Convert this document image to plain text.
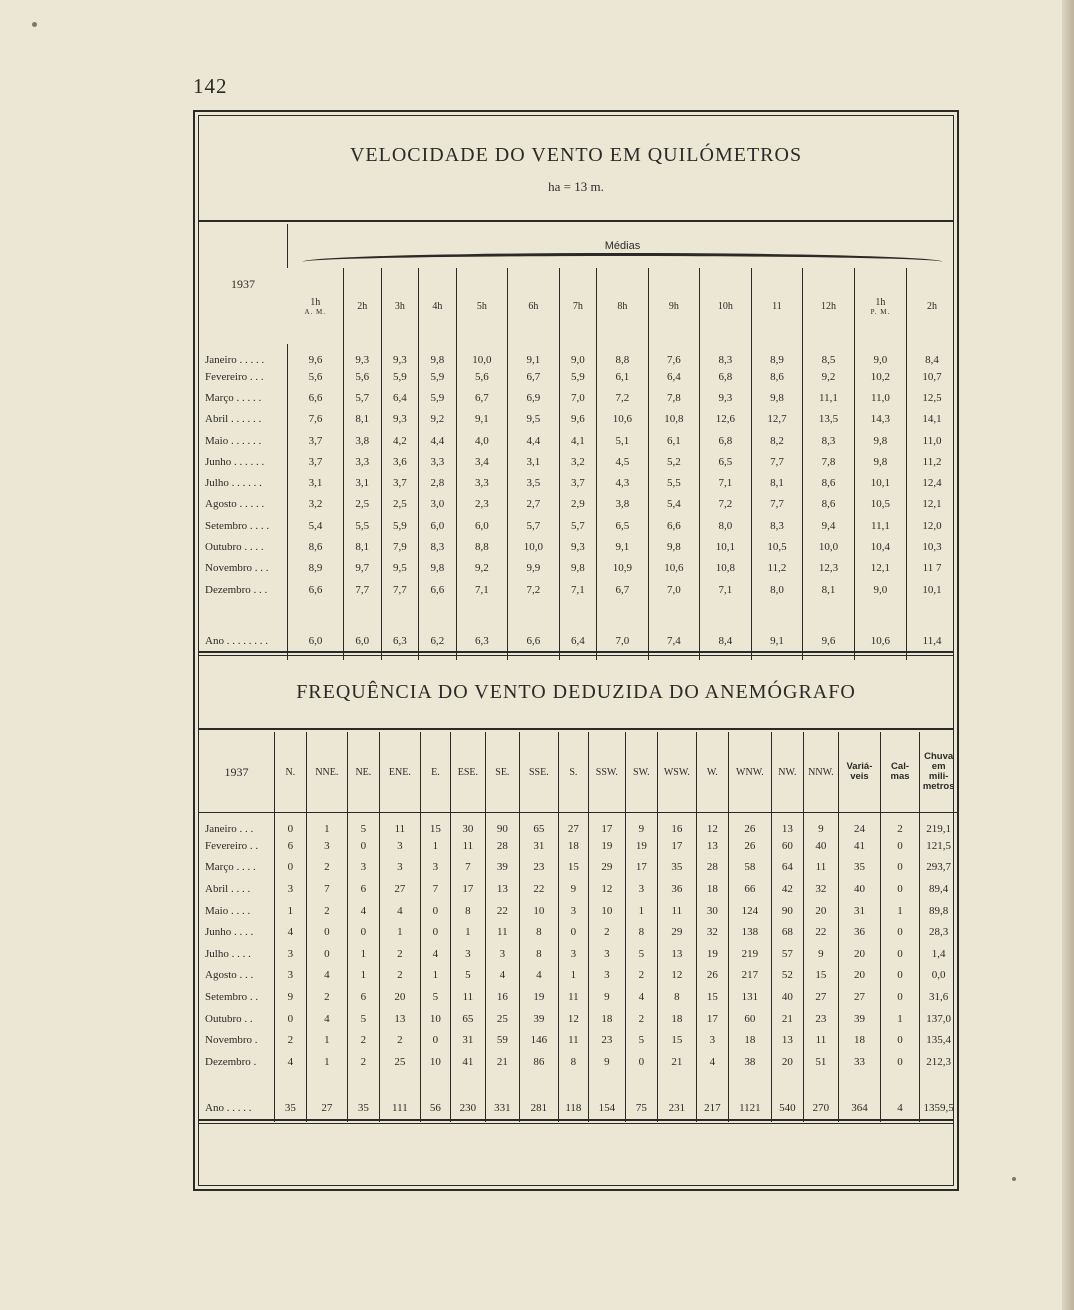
142
VELOCIDADE DO VENTO EM QUILÓMETROS
ha = 13 m.
1937	Médias													

	1h
A. M.	2h	3h	4h	5h	6h	7h	8h	9h	10h	11	12h	1h
P. M.	2h
Janeiro . . . . .	9,6	9,3	9,3	9,8	10,0	9,1	9,0	8,8	7,6	8,3	8,9	8,5	9,0	8,4
Fevereiro . . .	5,6	5,6	5,9	5,9	5,6	6,7	5,9	6,1	6,4	6,8	8,6	9,2	10,2	10,7
Março . . . . .	6,6	5,7	6,4	5,9	6,7	6,9	7,0	7,2	7,8	9,3	9,8	11,1	11,0	12,5
Abril . . . . . .	7,6	8,1	9,3	9,2	9,1	9,5	9,6	10,6	10,8	12,6	12,7	13,5	14,3	14,1
Maio . . . . . .	3,7	3,8	4,2	4,4	4,0	4,4	4,1	5,1	6,1	6,8	8,2	8,3	9,8	11,0
Junho . . . . . .	3,7	3,3	3,6	3,3	3,4	3,1	3,2	4,5	5,2	6,5	7,7	7,8	9,8	11,2
Julho . . . . . .	3,1	3,1	3,7	2,8	3,3	3,5	3,7	4,3	5,5	7,1	8,1	8,6	10,1	12,4
Agosto . . . . .	3,2	2,5	2,5	3,0	2,3	2,7	2,9	3,8	5,4	7,2	7,7	8,6	10,5	12,1
Setembro . . . .	5,4	5,5	5,9	6,0	6,0	5,7	5,7	6,5	6,6	8,0	8,3	9,4	11,1	12,0
Outubro . . . .	8,6	8,1	7,9	8,3	8,8	10,0	9,3	9,1	9,8	10,1	10,5	10,0	10,4	10,3
Novembro . . .	8,9	9,7	9,5	9,8	9,2	9,9	9,8	10,9	10,6	10,8	11,2	12,3	12,1	11 7
Dezembro . . .	6,6	7,7	7,7	6,6	7,1	7,2	7,1	6,7	7,0	7,1	8,0	8,1	9,0	10,1

Ano . . . . . . . .	6,0	6,0	6,3	6,2	6,3	6,6	6,4	7,0	7,4	8,4	9,1	9,6	10,6	11,4
FREQUÊNCIA DO VENTO DEDUZIDA DO ANEMÓGRAFO
1937	N.	NNE.	NE.	ENE.	E.	ESE.	SE.	SSE.	S.	SSW.	SW.	WSW.	W.	WNW.	NW.	NNW.	Variá-
veis	Cal-
mas	Chuva
em
mili-
metros
Janeiro . . .	0	1	5	11	15	30	90	65	27	17	9	16	12	26	13	9	24	2	219,1
Fevereiro . .	6	3	0	3	1	11	28	31	18	19	19	17	13	26	60	40	41	0	121,5
Março . . . .	0	2	3	3	3	7	39	23	15	29	17	35	28	58	64	11	35	0	293,7
Abril . . . .	3	7	6	27	7	17	13	22	9	12	3	36	18	66	42	32	40	0	89,4
Maio . . . .	1	2	4	4	0	8	22	10	3	10	1	11	30	124	90	20	31	1	89,8
Junho . . . .	4	0	0	1	0	1	11	8	0	2	8	29	32	138	68	22	36	0	28,3
Julho . . . .	3	0	1	2	4	3	3	8	3	3	5	13	19	219	57	9	20	0	1,4
Agosto . . .	3	4	1	2	1	5	4	4	1	3	2	12	26	217	52	15	20	0	0,0
Setembro . .	9	2	6	20	5	11	16	19	11	9	4	8	15	131	40	27	27	0	31,6
Outubro . .	0	4	5	13	10	65	25	39	12	18	2	18	17	60	21	23	39	1	137,0
Novembro .	2	1	2	2	0	31	59	146	11	23	5	15	3	18	13	11	18	0	135,4
Dezembro .	4	1	2	25	10	41	21	86	8	9	0	21	4	38	20	51	33	0	212,3

Ano . . . . .	35	27	35	111	56	230	331	281	118	154	75	231	217	1121	540	270	364	4	1359,5
